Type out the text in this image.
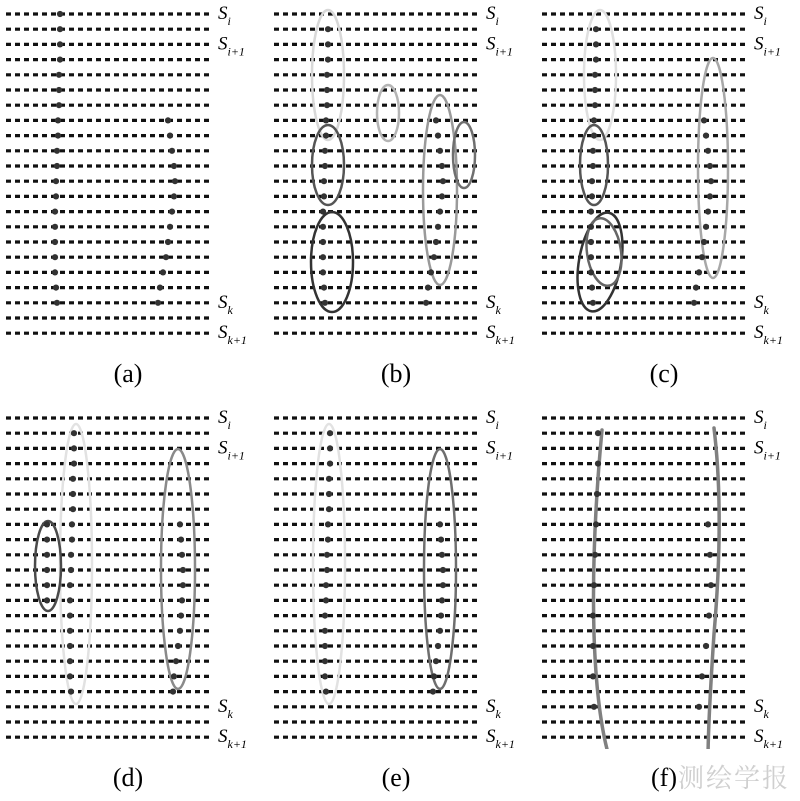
$S_i$
$S_{i+1}$
$S_k$
$S_{k+1}$
(a)
$S_i$
$S_{i+1}$
$S_k$
$S_{k+1}$
(b)
$S_i$
$S_{i+1}$
$S_k$
$S_{k+1}$
(c)
$S_i$
$S_{i+1}$
$S_k$
$S_{k+1}$
(d)
$S_i$
$S_{i+1}$
$S_k$
$S_{k+1}$
(e)
$S_i$
$S_{i+1}$
$S_k$
$S_{k+1}$
(f) 测绘学报
